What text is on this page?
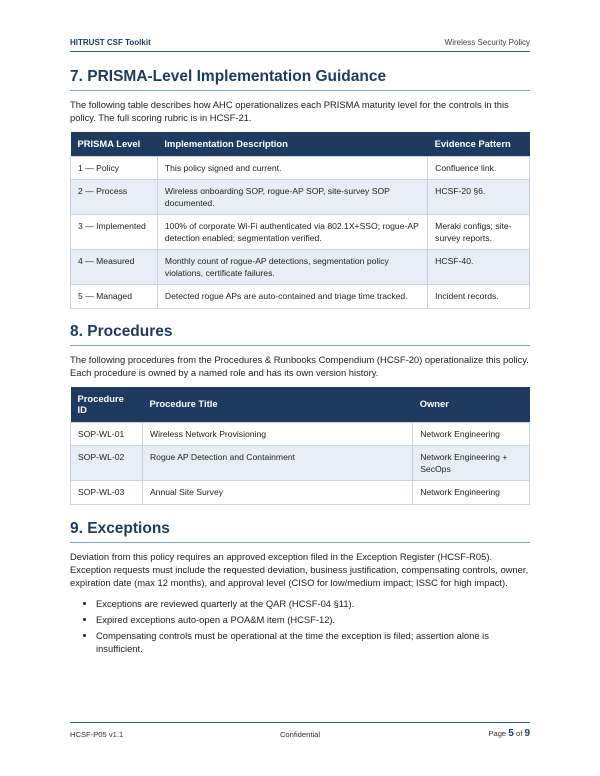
HITRUST CSF Toolkit	Wireless Security Policy
7. PRISMA-Level Implementation Guidance

The following table describes how AHC operationalizes each PRISMA maturity level for the controls in this policy. The full scoring rubric is in HCSF-21.

PRISMA Level	Implementation Description	Evidence Pattern
1 — Policy	This policy signed and current.	Confluence link.
2 — Process	Wireless onboarding SOP, rogue-AP SOP, site-survey SOP documented.	HCSF-20 §6.
3 — Implemented	100% of corporate Wi-Fi authenticated via 802.1X+SSO; rogue-AP detection enabled; segmentation verified.	Meraki configs; site-survey reports.
4 — Measured	Monthly count of rogue-AP detections, segmentation policy violations, certificate failures.	HCSF-40.
5 — Managed	Detected rogue APs are auto-contained and triage time tracked.	Incident records.
8. Procedures

The following procedures from the Procedures & Runbooks Compendium (HCSF-20) operationalize this policy. Each procedure is owned by a named role and has its own version history.

Procedure ID	Procedure Title	Owner
SOP-WL-01	Wireless Network Provisioning	Network Engineering
SOP-WL-02	Rogue AP Detection and Containment	Network Engineering + SecOps
SOP-WL-03	Annual Site Survey	Network Engineering
9. Exceptions

Deviation from this policy requires an approved exception filed in the Exception Register (HCSF-R05). Exception requests must include the requested deviation, business justification, compensating controls, owner, expiration date (max 12 months), and approval level (CISO for low/medium impact; ISSC for high impact).

• Exceptions are reviewed quarterly at the QAR (HCSF-04 §11).
• Expired exceptions auto-open a POA&M item (HCSF-12).
• Compensating controls must be operational at the time the exception is filed; assertion alone is insufficient.
HCSF-P05 v1.1	Confidential	Page 5 of 9
